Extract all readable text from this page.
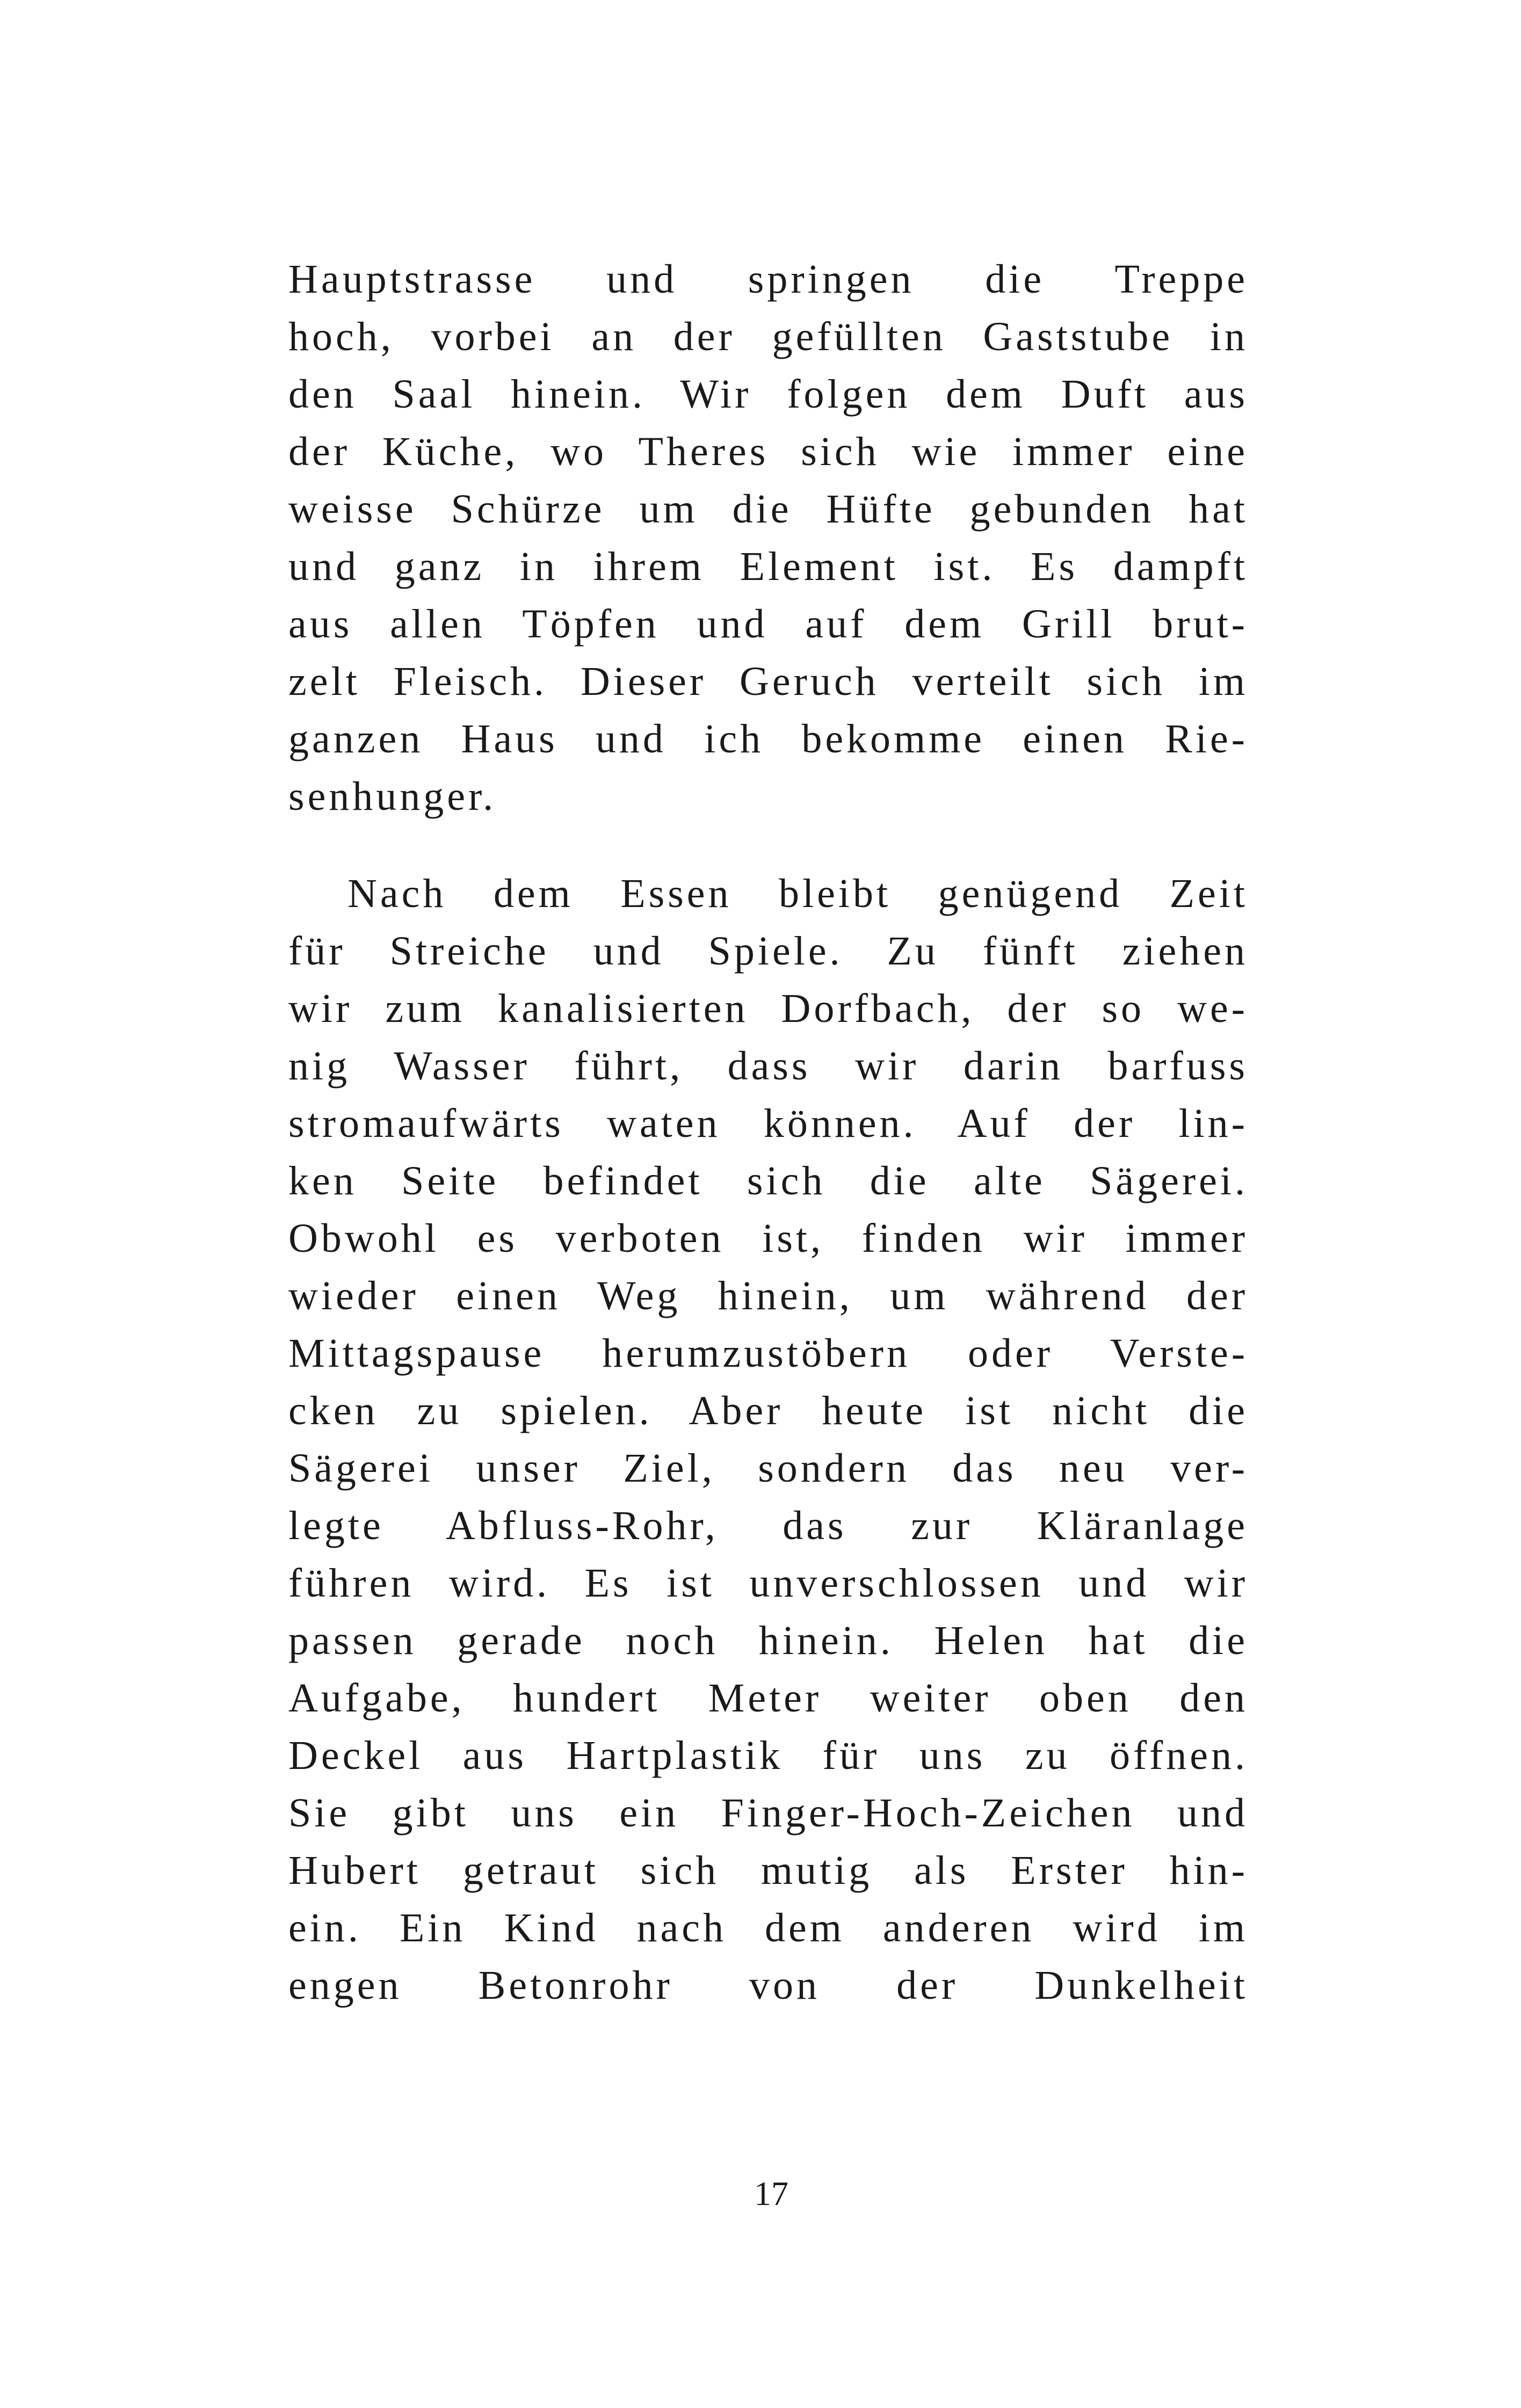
Hauptstrasse und springen die Treppe
hoch, vorbei an der gefüllten Gaststube in
den Saal hinein. Wir folgen dem Duft aus
der Küche, wo Theres sich wie immer eine
weisse Schürze um die Hüfte gebunden hat
und ganz in ihrem Element ist. Es dampft
aus allen Töpfen und auf dem Grill brut-
zelt Fleisch. Dieser Geruch verteilt sich im
ganzen Haus und ich bekomme einen Rie-
senhunger.

Nach dem Essen bleibt genügend Zeit
für Streiche und Spiele. Zu fünft ziehen
wir zum kanalisierten Dorfbach, der so we-
nig Wasser führt, dass wir darin barfuss
stromaufwärts waten können. Auf der lin-
ken Seite befindet sich die alte Sägerei.
Obwohl es verboten ist, finden wir immer
wieder einen Weg hinein, um während der
Mittagspause herumzustöbern oder Verste-
cken zu spielen. Aber heute ist nicht die
Sägerei unser Ziel, sondern das neu ver-
legte Abfluss-Rohr, das zur Kläranlage
führen wird. Es ist unverschlossen und wir
passen gerade noch hinein. Helen hat die
Aufgabe, hundert Meter weiter oben den
Deckel aus Hartplastik für uns zu öffnen.
Sie gibt uns ein Finger-Hoch-Zeichen und
Hubert getraut sich mutig als Erster hin-
ein. Ein Kind nach dem anderen wird im
engen Betonrohr von der Dunkelheit

17
